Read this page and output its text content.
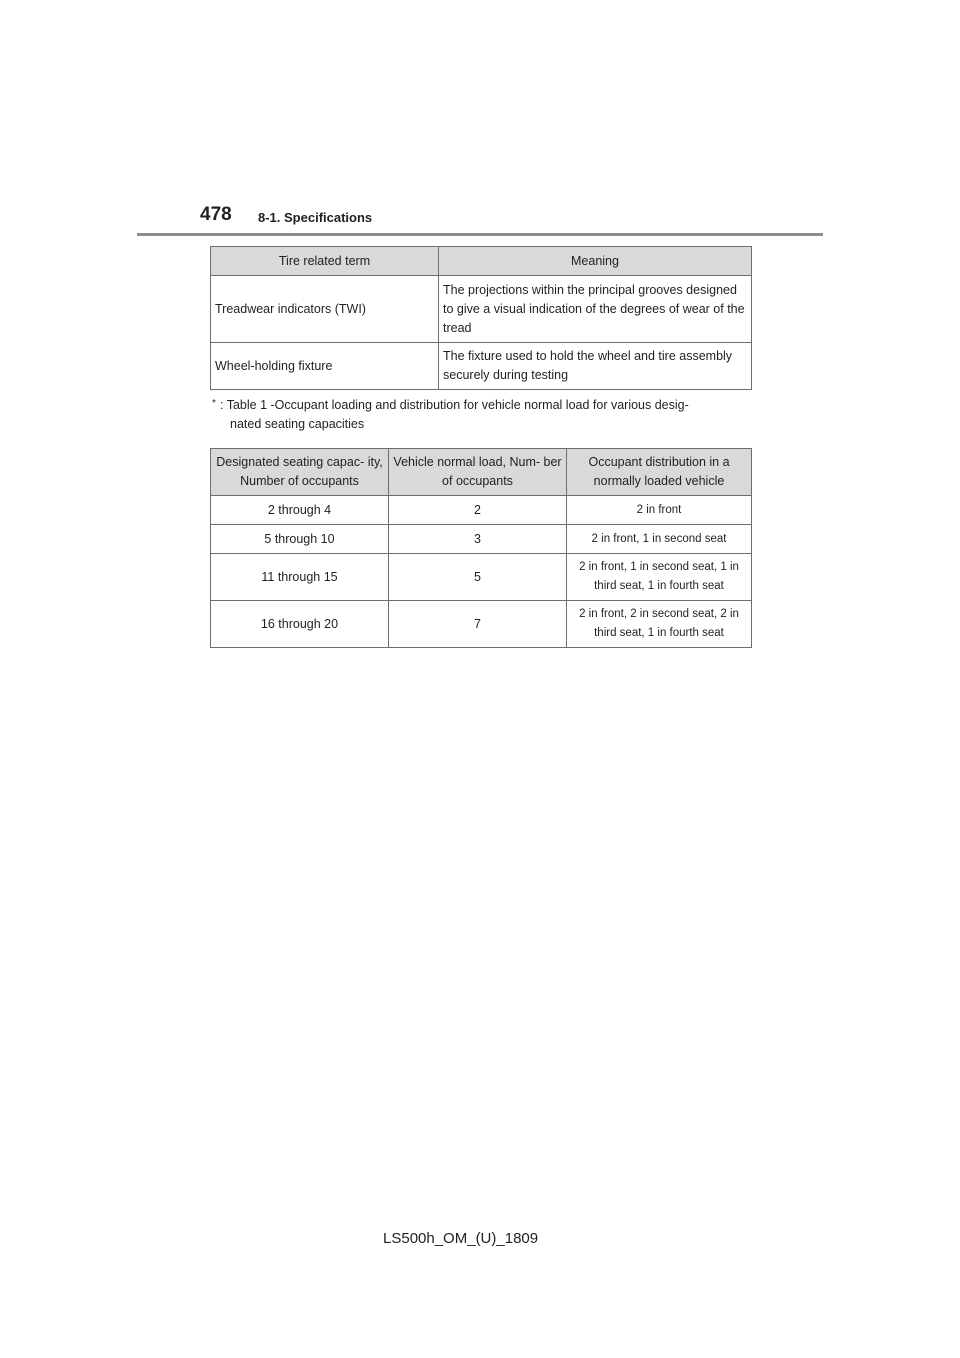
478 8-1. Specifications
Tire related term	Meaning
Treadwear indicators (TWI)	The projections within the principal grooves designed to give a visual indication of the degrees of wear of the tread
Wheel-holding fixture	The fixture used to hold the wheel and tire assembly securely during testing
* : Table 1 -Occupant loading and distribution for vehicle normal load for various desig-
nated seating capacities
Designated seating capac- ity, Number of occupants	Vehicle normal load, Num- ber of occupants	Occupant distribution in a normally loaded vehicle
2 through 4	2	2 in front
5 through 10	3	2 in front, 1 in second seat
11 through 15	5	2 in front, 1 in second seat, 1 in third seat, 1 in fourth seat
16 through 20	7	2 in front, 2 in second seat, 2 in third seat, 1 in fourth seat
LS500h_OM_(U)_1809
